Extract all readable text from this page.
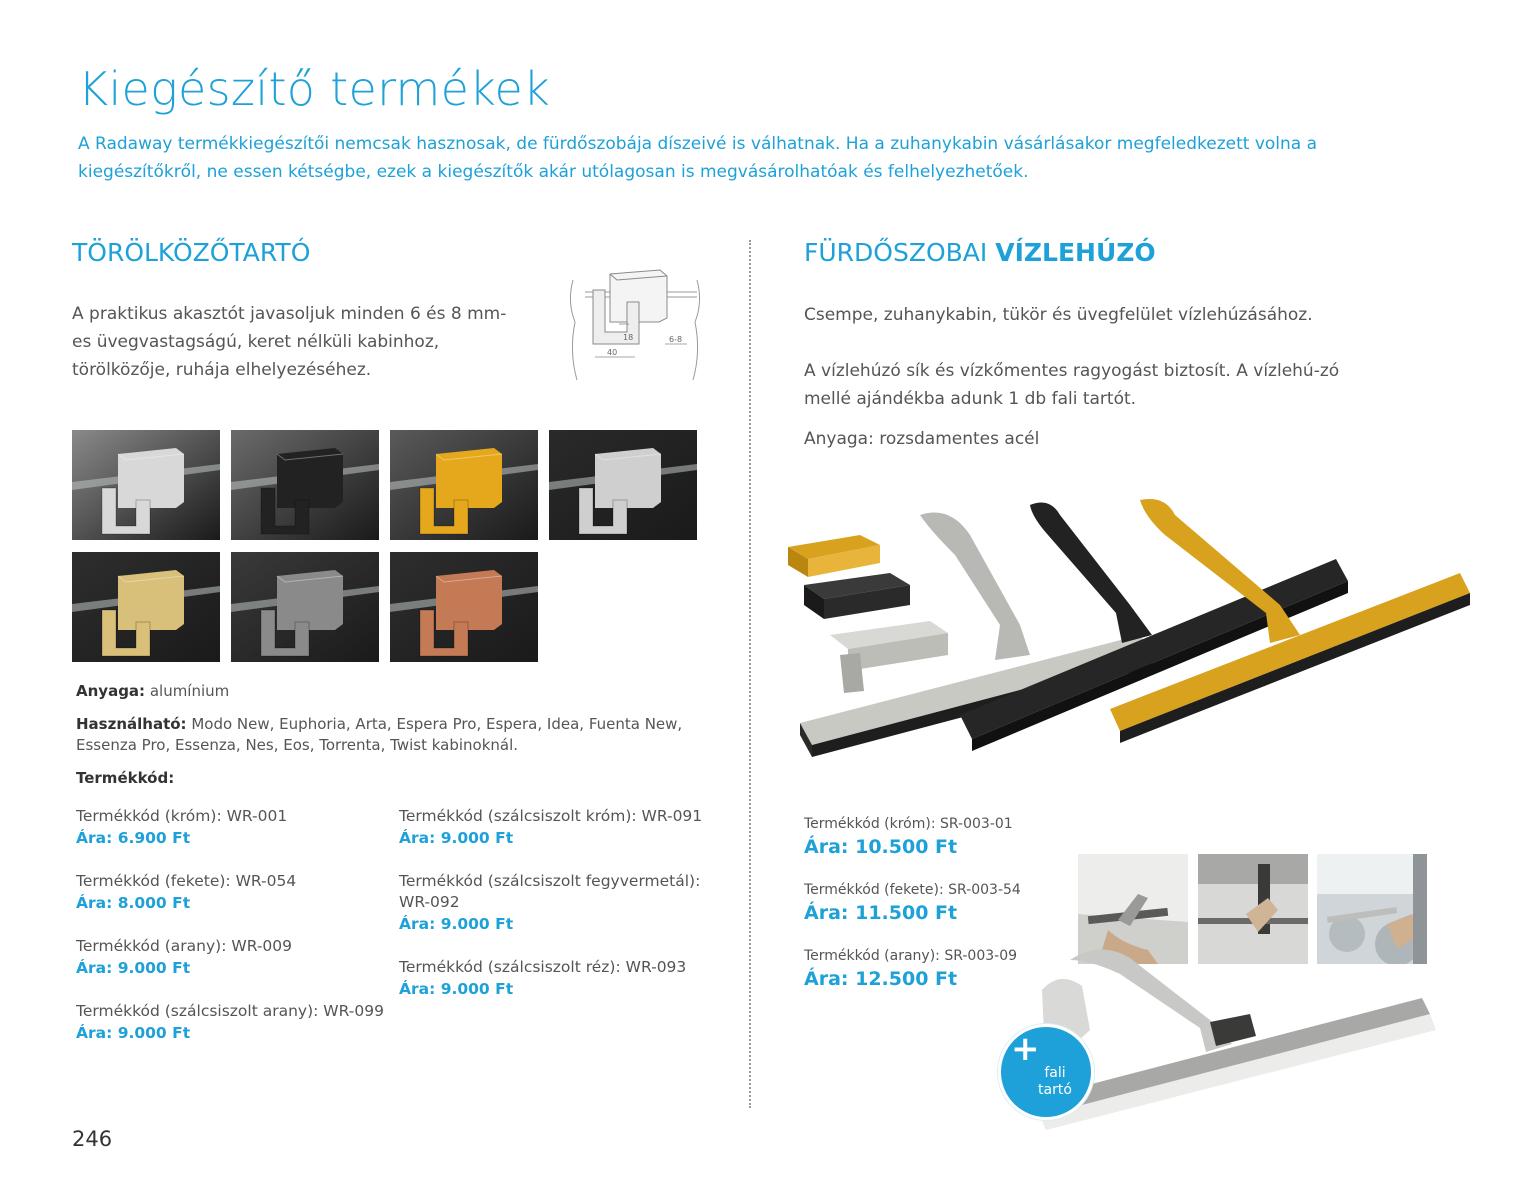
Kiegészítő termékek
A Radaway termékkiegészítői nemcsak hasznosak, de fürdőszobája díszeivé is válhatnak. Ha a zuhanykabin vásárlásakor megfeledkezett volna a kiegészítőkről, ne essen kétségbe, ezek a kiegészítők akár utólagosan is megvásárolhatóak és felhelyezhetőek.
TÖRÖLKÖZŐTARTÓ
A praktikus akasztót javasoljuk minden 6 és 8 mm-es üvegvastagságú, keret nélküli kabinhoz, törölközője, ruhája elhelyezéséhez.
18
40
6-8
Anyaga: alumínium
Használható: Modo New, Euphoria, Arta, Espera Pro, Espera, Idea, Fuenta New, Essenza Pro, Essenza, Nes, Eos, Torrenta, Twist kabinoknál.
Termékkód:
Termékkód (króm): WR-001
Ára: 6.900 Ft
Termékkód (fekete): WR-054
Ára: 8.000 Ft
Termékkód (arany): WR-009
Ára: 9.000 Ft
Termékkód (szálcsiszolt arany): WR-099
Ára: 9.000 Ft
Termékkód (szálcsiszolt króm): WR-091
Ára: 9.000 Ft
Termékkód (szálcsiszolt fegyvermetál): WR-092
Ára: 9.000 Ft
Termékkód (szálcsiszolt réz): WR-093
Ára: 9.000 Ft
FÜRDŐSZOBAI VÍZLEHÚZÓ
Csempe, zuhanykabin, tükör és üvegfelület vízlehúzásához.
A vízlehúzó sík és vízkőmentes ragyogást biztosít. A vízlehú-zó mellé ajándékba adunk 1 db fali tartót.
Anyaga: rozsdamentes acél
Termékkód (króm): SR-003-01
Ára: 10.500 Ft
Termékkód (fekete): SR-003-54
Ára: 11.500 Ft
Termékkód (arany): SR-003-09
Ára: 12.500 Ft
+
fali tartó
246
